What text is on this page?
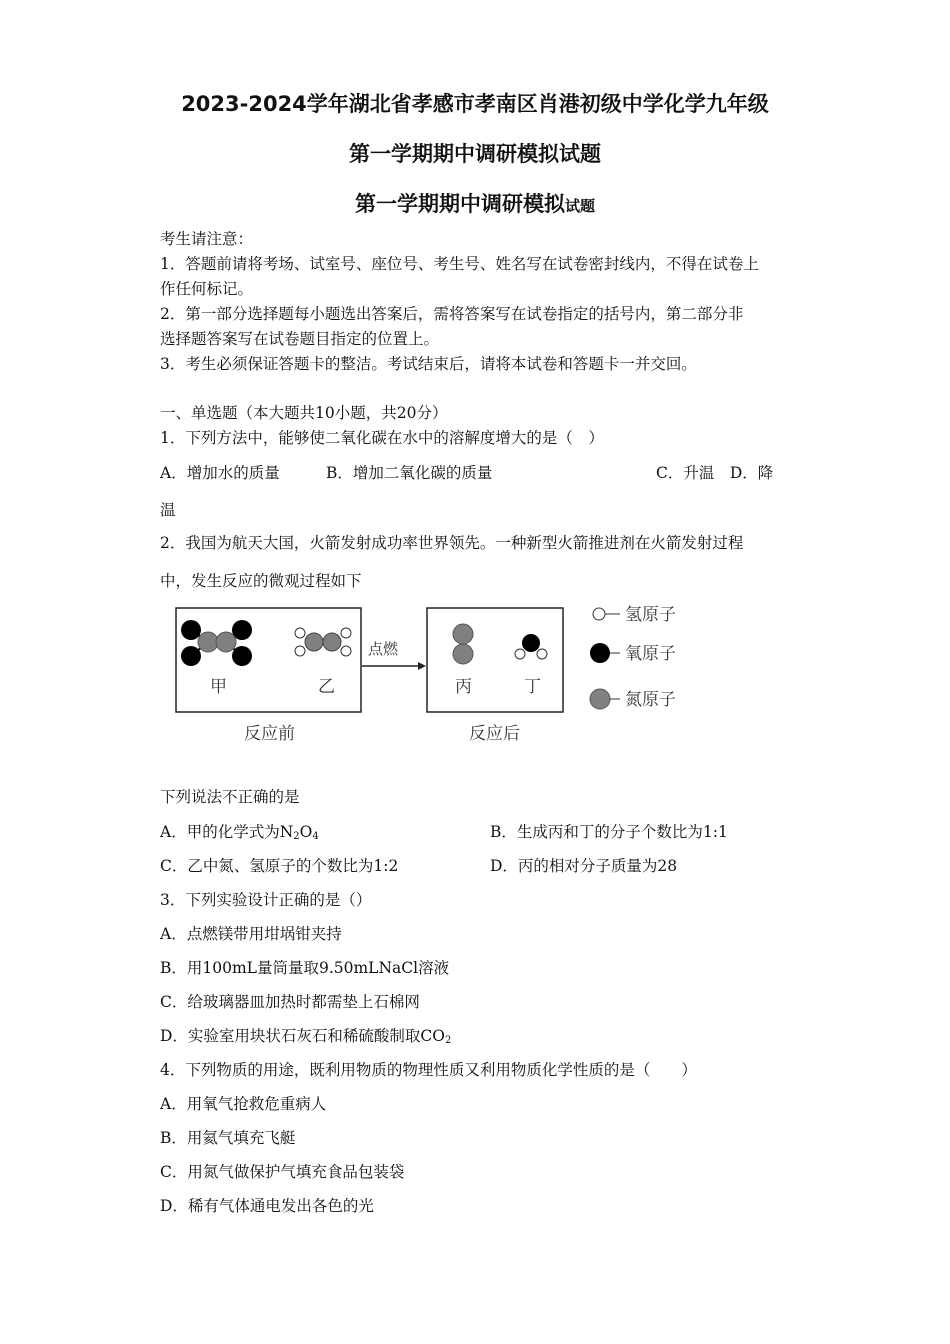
2023-2024学年湖北省孝感市孝南区肖港初级中学化学九年级
第一学期期中调研模拟试题
第一学期期中调研模拟试题
考生请注意：
1．答题前请将考场、试室号、座位号、考生号、姓名写在试卷密封线内，不得在试卷上
作任何标记。
2．第一部分选择题每小题选出答案后，需将答案写在试卷指定的括号内，第二部分非
选择题答案写在试卷题目指定的位置上。
3．考生必须保证答题卡的整洁。考试结束后，请将本试卷和答题卡一并交回。
一、单选题（本大题共10小题，共20分）
1．下列方法中，能够使二氧化碳在水中的溶解度增大的是（　）
A．增加水的质量	B．增加二氧化碳的质量	C．升温　D．降
温
2．我国为航天大国，火箭发射成功率世界领先。一种新型火箭推进剂在火箭发射过程
中，发生反应的微观过程如下
甲	乙
点燃
丙	丁
反应前	反应后
氢原子
氧原子
氮原子
下列说法不正确的是
A．甲的化学式为$N_2O_4$	B．生成丙和丁的分子个数比为1:1
C．乙中氮、氢原子的个数比为1:2	D．丙的相对分子质量为28
3．下列实验设计正确的是（）
A．点燃镁带用坩埚钳夹持
B．用100mL量筒量取9.50mLNaCl溶液
C．给玻璃器皿加热时都需垫上石棉网
D．实验室用块状石灰石和稀硫酸制取$CO_2$
4．下列物质的用途，既利用物质的物理性质又利用物质化学性质的是（　　）
A．用氧气抢救危重病人
B．用氦气填充飞艇
C．用氮气做保护气填充食品包装袋
D．稀有气体通电发出各色的光
